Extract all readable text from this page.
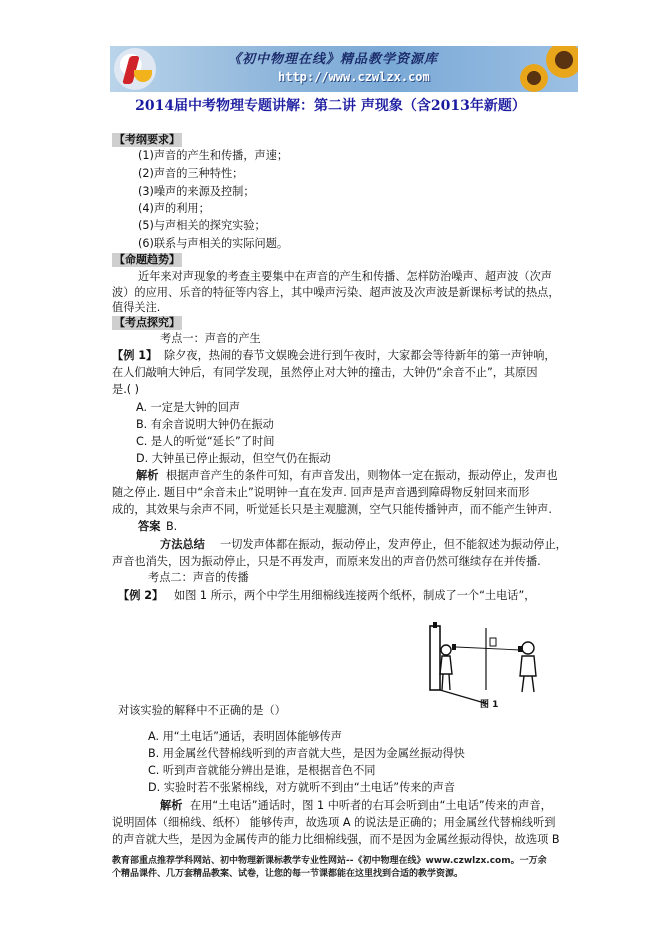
《初中物理在线》精品教学资源库
http://www.czwlzx.com
2014届中考物理专题讲解：第二讲 声现象（含2013年新题）
【考纲要求】
(1)声音的产生和传播，声速；
(2)声音的三种特性；
(3)噪声的来源及控制；
(4)声的利用；
(5)与声相关的探究实验；
(6)联系与声相关的实际问题。
【命题趋势】
近年来对声现象的考查主要集中在声音的产生和传播、怎样防治噪声、超声波（次声
波）的应用、乐音的特征等内容上，其中噪声污染、超声波及次声波是新课标考试的热点，
值得关注.
【考点探究】
考点一：声音的产生
【例 1】 除夕夜，热闹的春节文娱晚会进行到午夜时，大家都会等待新年的第一声钟响，
在人们敲响大钟后，有同学发现，虽然停止对大钟的撞击，大钟仍“余音不止”，其原因
是.( )
A. 一定是大钟的回声
B. 有余音说明大钟仍在振动
C. 是人的听觉“延长”了时间
D. 大钟虽已停止振动，但空气仍在振动
解析 根据声音产生的条件可知，有声音发出，则物体一定在振动，振动停止，发声也
随之停止. 题目中“余音未止”说明钟一直在发声. 回声是声音遇到障碍物反射回来而形
成的，其效果与余声不同，听觉延长只是主观臆测，空气只能传播钟声，而不能产生钟声.
答案 B.
方法总结 一切发声体都在振动，振动停止，发声停止，但不能叙述为振动停止，
声音也消失，因为振动停止，只是不再发声，而原来发出的声音仍然可继续存在并传播.
考点二：声音的传播
【例 2】 如图 1 所示，两个中学生用细棉线连接两个纸杯，制成了一个“土电话”，
图 1
对该实验的解释中不正确的是（）
A. 用“土电话”通话，表明固体能够传声
B. 用金属丝代替棉线听到的声音就大些，是因为金属丝振动得快
C. 听到声音就能分辨出是谁，是根据音色不同
D. 实验时若不张紧棉线，对方就听不到由“土电话”传来的声音
解析 在用“土电话”通话时，图 1 中听者的右耳会听到由“土电话”传来的声音，
说明固体（细棉线、纸杯） 能够传声，故选项 A 的说法是正确的；用金属丝代替棉线听到
的声音就大些，是因为金属传声的能力比细棉线强，而不是因为金属丝振动得快，故选项 B
教育部重点推荐学科网站、初中物理新课标教学专业性网站--《初中物理在线》www.czwlzx.com。一万余
个精品课件、几万套精品教案、试卷，让您的每一节课都能在这里找到合适的教学资源。
